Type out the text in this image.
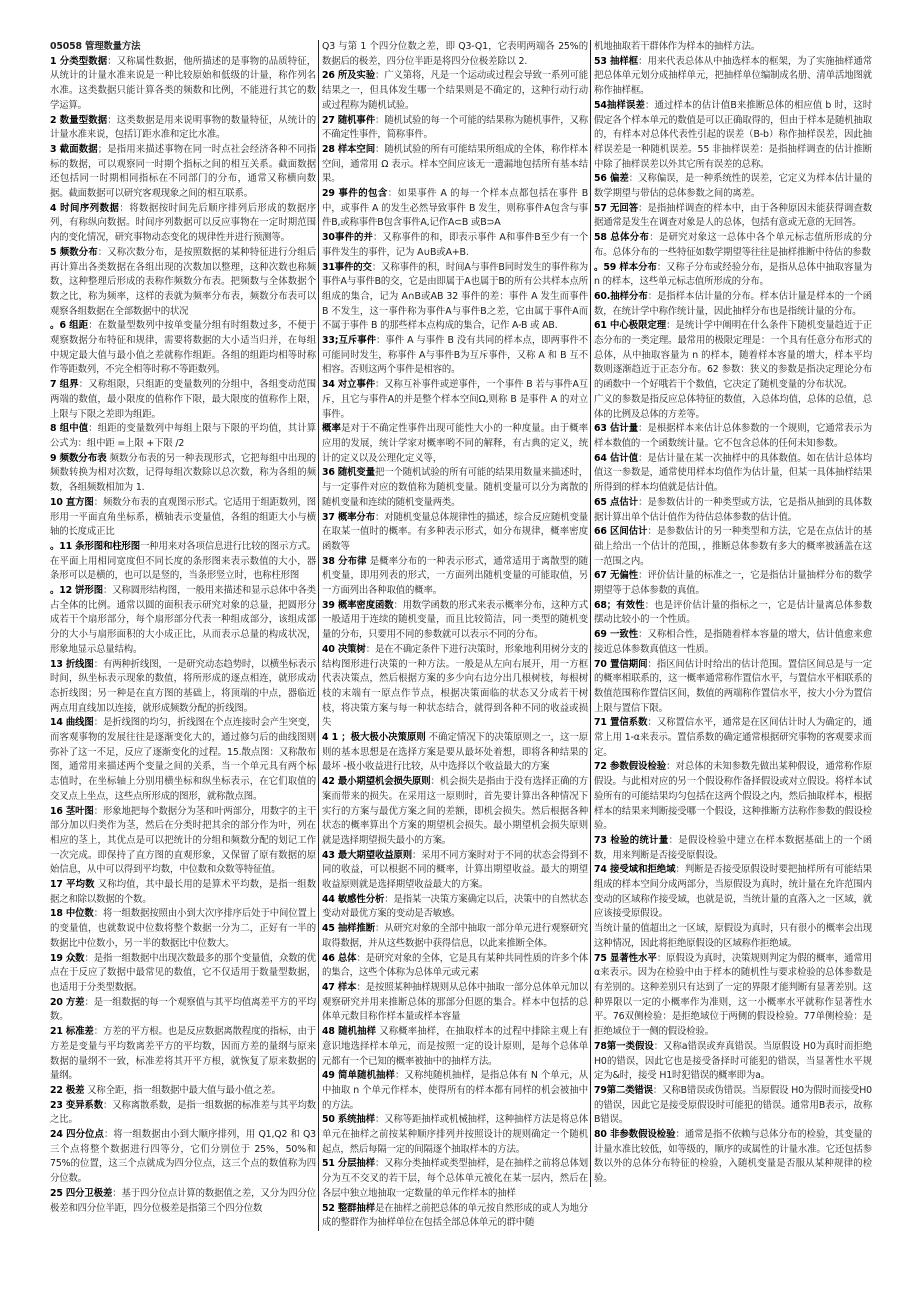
05058 管理数量方法

1 分类型数据：又称属性数据，他所描述的是事物的品质特征，从统计的计量水准来说是一种比较原始和低级的计量，称作列名水准。这类数据只能计算各类的频数和比例，不能进行其它的数学运算。

2 数量型数据：这类数据是用来说明事物的数量特征，从统计的计量水准来说，包括订距水准和定比水准。

3 截面数据；是指用来描述事物在同一时点社会经济各种不同指标的数据，可以观察同一时期个指标之间的相互关系。截面数据还包括同一时期相同指标在不同部门的分布，通常又称横向数据。截面数据可以研究客观现象之间的相互联系。

4 时间序列数据：将数据按时间先后顺序排列后形成的数据序列，有称纵向数据。时间序列数据可以反应事物在一定时期范围内的变化情况，研究事物动态变化的规律性并进行预测等。

5 频数分布：又称次数分布，是按照数据的某种特征进行分组后再计算出各类数据在各组出现的次数加以整理，这种次数也称频数，这种整理后形成的表称作频数分布表。把频数与全体数据个数之比，称为频率，这样的表就为频率分布表，频数分布表可以观察各组数据在全部数据中的状况

。6 组距：在数量型数列中按单变量分组有时组数过多，不便于观察数据分布特征和规律，需要将数据的大小适当归并，在每组中规定最大值与最小值之差就称作组距。各组的组距均相等时称作等距数列，不完全相等时称不等距数列。

7 组界：又称组限，只组距的变量数列的分组中，各组变动范围两端的数值，最小限度的值称作下限，最大限度的值称作上限，上限与下限之差即为组距。

8 组中值：组距的变量数列中每组上限与下限的平均值，其计算公式为：组中距 =上限 +下限 /2

9 频数分布表 频数分布表的另一种表现形式，它把每组中出现的频数转换为相对次数，记得每组次数除以总次数，称为各组的频数，各组频数相加为 1.

10 直方图：频数分布表的直观图示形式。它适用于组距数列，图形用一平面直角坐标系，横轴表示变量值，各组的组距大小与横轴的长度成正比

。11 条形图和柱形图一种用来对各项信息进行比较的图示方式。在平面上用相同宽度但不同长度的条形图来表示数值的大小，器条形可以是横的，也可以是竖的，当条形竖立时，也称柱形图

。12 饼形图：又称圆形结构图，一般用来描述和显示总体中各类占全体的比例。通常以圆的面积表示研究对象的总量，把圆形分成若干个扇形部分，每个扇形部分代表一种组成部分，该组成部分的大小与扇形面积的大小成正比，从而表示总量的构成状况，形象地显示总量结构。

13 折线图：有两种折线图，一是研究动态趋势时，以横坐标表示时间，纵坐标表示现象的数值，将所形成的逐点相连，就形成动态折线图；另一种是在直方图的基础上，将顶端的中点，器临近两点用直线加以连接，就形成频数分配的折线图。

14 曲线图：是折线图的均匀，折线图在个点连接时会产生突变，而客观事物的发展往往是逐渐变化大的，通过修匀后的曲线图则弥补了这一不足，反应了逐渐变化的过程。15.散点图：又称散布图，通常用来描述两个变量之间的关系，当一个单元具有两个标志值时，在坐标轴上分别用横坐标和纵坐标表示，在它们取值的交叉点上坐点，这些点所形成的图形，就称散点图。

16 茎叶图：形象地把每个数据分为茎和叶两部分，用数字的主干部分加以归类作为茎，然后在分类时把其余的部分作为叶，列在相应的茎上，其优点是可以把统计的分组和频数分配的划记工作一次完成。即保持了直方图的直观形象，又保留了原有数据的原始信息，从中可以得到平均数，中位数和众数等特征值。

17 平均数 又称均值，其中最长用的是算术平均数，是指一组数据之和除以数据的个数。

18 中位数：将一组数据按照由小到大次序排序后处于中间位置上的变量值，也就数说中位数将整个数据一分为二，正好有一半的数据比中位数小，另一半的数据比中位数大。

19 众数：是指一组数据中出现次数最多的那个变量值，众数的优点在于反应了数据中最常见的数值，它不仅适用于数量型数据，也适用于分类型数据。

20 方差：是一组数据的每一个观察值与其平均值离差平方的平均数。

21 标准差：方差的平方根。也是反应数据离散程度的指标，由于方差是变量与平均数离差平方的平均数，因而方差的量纲与原来数据的量纲不一致，标准差将其开平方根，就恢复了原来数据的量纲。

22 极差 又称全距，指一组数据中最大值与最小值之差。

23 变异系数：又称离散系数，是指一组数据的标准差与其平均数之比。

24 四分位点：将一组数据由小到大顺序排列，用 Q1,Q2 和 Q3 三个点将整个数据进行四等分，它们分别位于 25%，50%和75%的位置，这三个点就成为四分位点，这三个点的数值称为四分位数。

25 四分卫极差：基于四分位点计算的数据值之差，又分为四分位极差和四分位半距，四分位极差是指第三个四分位数

Q3 与第 1 个四分位数之差，即 Q3-Q1，它表明两端各 25%的数据后的极差，四分位半距是将四分位极差除以 2.

26 所及实验：广义第将，凡是一个运动或过程会导致一系列可能结果之一，但具体发生哪一个结果则是不确定的，这种行动行动或过程称为随机试验。

27 随机事件：随机试验的每一个可能的结果称为随机事件，又称不确定性事件，简称事件。

28 样本空间：随机试验的所有可能结果所组成的全体，称作样本空间，通常用 Ω 表示。样本空间应该无一遗漏地包括所有基本结果。

29 事件的包含：如果事件 A 的每一个样本点都包括在事件 B 中，或事件 A 的发生必然导致事件 B 发生，则称事件A包含与事件B,或称事件B包含事件A,记作A⊂B 或B⊃A

30事件的并：又称事件的和，即表示事件 A和事件B至少有一个事件发生的事件，记为 A∪B或A+B.

31事件的交：又称事件的积，时间A与事件B同时发生的事件称为事件A与事件B的交，它是由即属于A也属于B的所有公共样本点所组成的集合，记为 A∩B或AB 32 事件的差：事件 A 发生而事件 B 不发生，这一事件称为事件A与事件B之差，它由属于事件A而不属于事件 B 的那些样本点构成的集合，记作 A-B 或 AB.

33;互斥事件：事件 A 与事件 B 没有共同的样本点，即两事件不可能同时发生，称事件 A与事件B为互斥事件，又称 A 和 B 互不相容。否则这两个事件是相容的。

34 对立事件：又称互补事件或逆事件，一个事件 B 若与事件A互斥，且它与事件A的并是整个样本空间Ω,则称 B 是事件 A 的对立事件。

概率是对于不确定性事件出现可能性大小的一种度量。由于概率应用的发展，统计学家对概率哟不同的解释，有古典的定义，统计的定义以及公理化定义等，

36 随机变量把一个随机试验的所有可能的结果用数量来描述时，与一定事件对应的数值称为随机变量。随机变量可以分为离散的随机变量和连续的随机变量两类。

37 概率分布：对随机变量总体规律性的描述，综合反应随机变量在取某一值时的概率。有多种表示形式，如分布规律，概率密度函数等

38 分布律 是概率分布的一种表示形式，通常适用于离散型的随机变量，即用列表的形式，一方面列出随机变量的可能取值，另一方面列出各种取值的概率。

39 概率密度函数：用数学函数的形式来表示概率分布，这种方式一般适用于连续的随机变量，而且比较简洁，同一类型的随机变量的分布，只要用不同的参数就可以表示不同的分布。

40 决策树：是在不确定条件下进行决策时，形象地利用树分支的结构图形进行决策的一种方法。一般是从左向右展开，用一方框代表决策点，然后根据方案的多少向右边分出几根树枝，每根树枝的末端有一原点作节点，根据决策面临的状态又分成若干树枝，将决策方案与每一种状态结合，就得到各种不同的收益或损失

4 1 ；极大极小决策原则 不确定情况下的决策原则之一，这一原则的基本思想是在选择方案是要从最坏处着想，即将各种结果的最坏 -极小收益进行比较，从中选择以个收益最大的方案

42 最小期望机会损失原则：机会损失是指由于没有选择正确的方案而带来的损失。在采用这一原则时，首先要计算出各种情况下实行的方案与最优方案之间的差额，即机会损失。然后根据各种状态的概率算出个方案的期望机会损失。最小期望机会损失原则就是选择期望损失最小的方案。

43 最大期望收益原则：采用不同方案时对于不同的状态会得到不同的收益，可以根据不同的概率，计算出期望收益。最大的期望收益原则就是选择期望收益最大的方案。

44 敏感性分析：是指某一决策方案确定以后，决策中的自然状态变动对最优方案的变动是否敏感。

45 抽样推断：从研究对象的全部中抽取一部分单元进行观察研究取得数据，并从这些数据中获得信息，以此来推断全体。

46 总体：是研究对象的全体，它是具有某种共同性质的许多个体的集合，这些个体称为总体单元或元素

47 样本：是按照某种抽样规则从总体中抽取一部分总体单元加以观察研究并用来推断总体的那部分但愿的集合。样本中包括的总体单元数目称作样本量或样本容量

48 随机抽样 又称概率抽样，在抽取样本的过程中排除主观上有意识地选择样本单元，而是按照一定的设计原则，是每个总体单元都有一个已知的概率被抽中的抽样方法。

49 简单随机抽样：又称纯随机抽样，是指总体有 N 个单元，从中抽取 n 个单元作样本，使得所有的样本都有同样的机会被抽中的方法。

50 系统抽样：又称等距抽样或机械抽样，这种抽样方法是将总体单元在抽样之前按某种顺序排列并按照设计的规则确定一个随机起点，然后每隔一定的间隔逐个抽取样本的方法。

51 分层抽样：又称分类抽样或类型抽样，是在抽样之前将总体划分为互不交叉的若干层，每个总体单元被化在某一层内，然后在各层中独立地抽取一定数量的单元作样本的抽样

52 整群抽样是在抽样之前把总体的单元按自然形成的或人为地分成的整群作为抽样单位在包括全部总体单元的群中随

机地抽取若干群体作为样本的抽样方法。

53 抽样框：用来代表总体从中抽选样本的框架，为了实施抽样通常把总体单元划分成抽样单元，把抽样单位编制成名册、清单活地图就称作抽样框。

54抽样误差：通过样本的估计值B来推断总体的相应值 b 时，这时假定各个样本单元的数值是可以正确取得的，但由于样本是随机抽取的，有样本对总体代表性引起的误差（B-b）称作抽样误差，因此抽样误差是一种随机误差。55 非抽样误差：是指抽样调查的估计推断中除了抽样误差以外其它所有误差的总称。

56 偏差：又称偏误，是一种系统性的误差，它定义为样本估计量的数学期望与带估的总体参数之间的离差。

57 无回答：是指抽样调查的样本中，由于各种原因未能获得调查数据通常是发生在调查对象是人的总体，包括有意或无意的无回答。

58 总体分布：是研究对象这一总体中各个单元标志值所形成的分布。总体分布的一些特征如数学期望等往往是抽样推断中待估的参数

。59 样本分布：又称子分布或经验分布，是指从总体中抽取容量为 n 的样本，这些单元标志值所形成的分布。

60.抽样分布：是指样本估计量的分布。样本估计量是样本的一个函数，在统计学中称作统计量，因此抽样分布也是指统计量的分布。

61 中心极限定理：是统计学中阐明在什么条件下随机变量趋近于正态分布的一类定理。最常用的极限定理是：一个具有任意分布形式的总体，从中抽取容量为 n 的样本，随着样本容量的增大，样本平均数则逐渐趋近于正态分布。62 参数：狭义的参数是指决定理论分布的函数中一个好哦若干个数值，它决定了随机变量的分布状况。

广义的参数是指反应总体特征的数值，入总体均值，总体的总值，总体的比例及总体的方差等。

63 估计量：是根据样本来估计总体参数的一个规则，它通常表示为样本数值的一个函数统计量。它不包含总体的任何未知参数。

64 估计值：是估计量在某一次抽样中的具体数值。如在估计总体均值这一参数是，通常使用样本均值作为估计量，但某一具体抽样结果所得到的样本均值就是估计值。

65 点估计：是参数估计的一种类型或方法，它是指从抽到的具体数据计算出单个估计值作为待估总体参数的估计值。

66 区间估计：是参数估计的另一种类型和方法，它是在点估计的基础上给出一个估计的范围，，推断总体参数有多大的概率被涵盖在这一范围之内。

67 无偏性：评价估计量的标准之一，它是指估计量抽样分布的数学期望等于总体参数的真值。

68；有效性：也是评价估计量的指标之一，它是估计量离总体参数摆动比较小的一个性质。

69 一致性：又称相合性，是指随着样本容量的增大，估计值愈来愈接近总体参数真值这一性质。

70 置信期间：指区间估计时给出的估计范围。置信区间总是与一定的概率相联系的，这一概率通常称作置信水平，与置信水平相联系的数值范围称作置信区间，数值的两端称作置信水平，按大小分为置信上限与置信下限。

71 置信系数：又称置信水平，通常是在区间估计时人为确定的，通常上用 1-α来表示。置信系数的确定通常根据研究事物的客观要求而定。

72 参数假设检验：对总体的未知参数先做出某种假设，通常称作原假设。与此相对应的另一个假设称作备择假设或对立假设。将样本试验所有的可能结果均匀包括在这两个假设之内，然后抽取样本，根据样本的结果来判断接受哪一个假设，这种推断方法称作参数的假设检验。

73 检验的统计量：是假设检验中建立在样本数据基础上的一个函数，用来判断是否接受原假设。

74 接受域和拒绝域：判断是否接受原假设时要把抽样所有可能结果组成的样本空间分成两部分，当原假设为真时，统计量在允许范围内变动的区域称作接受域，也就是说，当统计量的直落入之一区域，就应该接受原假设。

当统计量的值超出之一区域，原假设为真时，只有很小的概率会出现这种情况，因此将拒绝原假设的区域称作拒绝域。

75 显著性水平：原假设为真时，决策规则判定为假的概率，通常用α来表示。因为在检验中由于样本的随机性与要求检验的总体参数是有差别的。这种差别只有达到了一定的界限才能判断有显著差别。这种界限以一定的小概率作为准则，这一小概率水平就称作显著性水平。76双侧检验：是拒绝域位于两侧的假设检验。77单侧检验：是拒绝域位于一侧的假设检验。

78第一类假设：又称a错误或弃真错误。当原假设 H0为真时而拒绝H0的错误，因此它也是接受备择时可能犯的错误，当显著性水平规定为&时，接受 H1时犯错误的概率即为a。

79第二类错误：又称B错误或伪错误。当原假设 H0为假时而接受H0的错误，因此它是接受原假设时可能犯的错误。通常用B表示，故称B错误。

80 非参数假设检验：通常是指不依赖与总体分布的检验，其变量的计量水准比较低，如等级的，顺序的或属性的计量水准。它还包括参数以外的总体分布特征的检验，入随机变量是否服从某种规律的检验。
